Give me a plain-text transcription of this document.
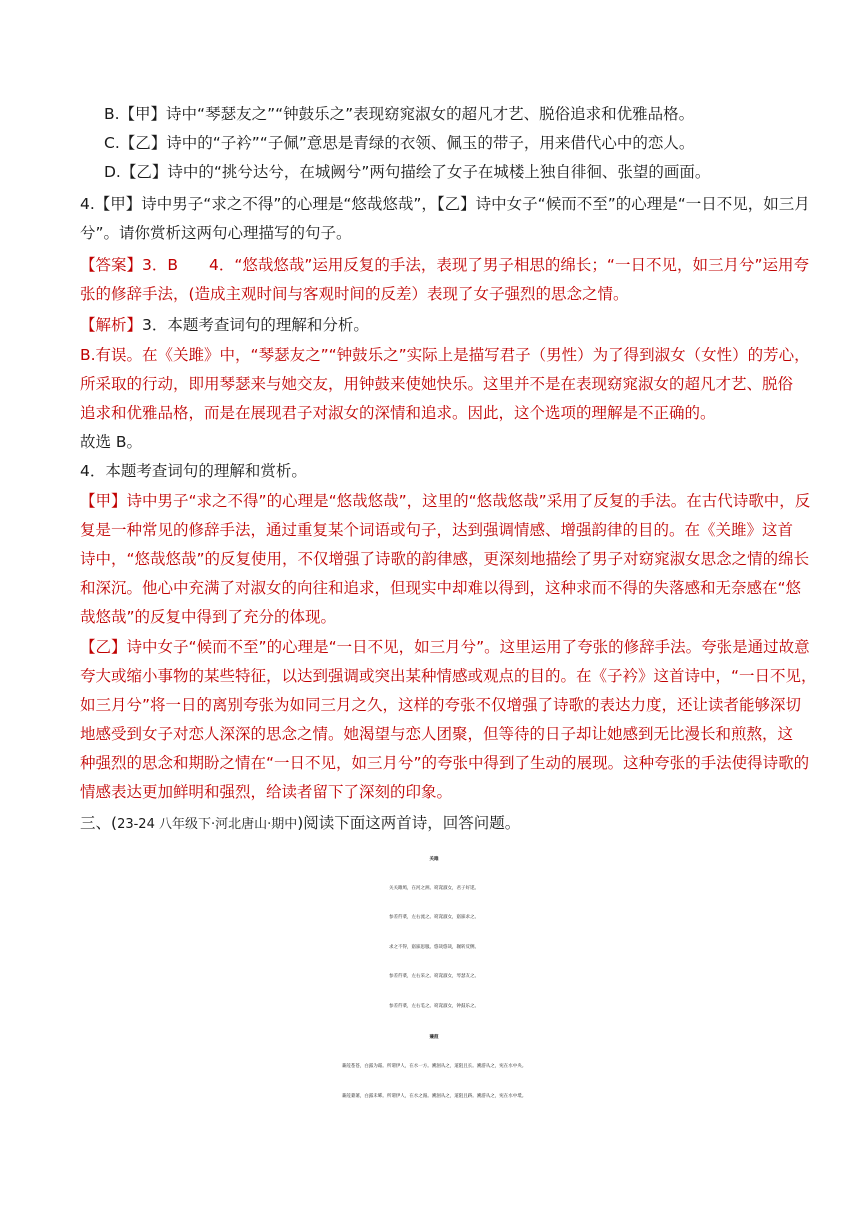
B.【甲】诗中“琴瑟友之”“钟鼓乐之”表现窈窕淑女的超凡才艺、脱俗追求和优雅品格。
C.【乙】诗中的“子衿”“子佩”意思是青绿的衣领、佩玉的带子，用来借代心中的恋人。
D.【乙】诗中的“挑兮达兮，在城阙兮”两句描绘了女子在城楼上独自徘徊、张望的画面。
4.【甲】诗中男子“求之不得”的心理是“悠哉悠哉”，【乙】诗中女子“候而不至”的心理是“一日不见，如三月
兮”。请你赏析这两句心理描写的句子。
【答案】3．B　　4．“悠哉悠哉”运用反复的手法，表现了男子相思的绵长；“一日不见，如三月兮”运用夸
张的修辞手法，(造成主观时间与客观时间的反差）表现了女子强烈的思念之情。
【解析】3．本题考查词句的理解和分析。
B.有误。在《关雎》中，“琴瑟友之”“钟鼓乐之”实际上是描写君子（男性）为了得到淑女（女性）的芳心，
所采取的行动，即用琴瑟来与她交友，用钟鼓来使她快乐。这里并不是在表现窈窕淑女的超凡才艺、脱俗
追求和优雅品格，而是在展现君子对淑女的深情和追求。因此，这个选项的理解是不正确的。
故选 B。
4．本题考查词句的理解和赏析。
【甲】诗中男子“求之不得”的心理是“悠哉悠哉”，这里的“悠哉悠哉”采用了反复的手法。在古代诗歌中，反
复是一种常见的修辞手法，通过重复某个词语或句子，达到强调情感、增强韵律的目的。在《关雎》这首
诗中，“悠哉悠哉”的反复使用，不仅增强了诗歌的韵律感，更深刻地描绘了男子对窈窕淑女思念之情的绵长
和深沉。他心中充满了对淑女的向往和追求，但现实中却难以得到，这种求而不得的失落感和无奈感在“悠
哉悠哉”的反复中得到了充分的体现。
【乙】诗中女子“候而不至”的心理是“一日不见，如三月兮”。这里运用了夸张的修辞手法。夸张是通过故意
夸大或缩小事物的某些特征，以达到强调或突出某种情感或观点的目的。在《子衿》这首诗中，“一日不见，
如三月兮”将一日的离别夸张为如同三月之久，这样的夸张不仅增强了诗歌的表达力度，还让读者能够深切
地感受到女子对恋人深深的思念之情。她渴望与恋人团聚，但等待的日子却让她感到无比漫长和煎熬，这
种强烈的思念和期盼之情在“一日不见，如三月兮”的夸张中得到了生动的展现。这种夸张的手法使得诗歌的
情感表达更加鲜明和强烈，给读者留下了深刻的印象。
三、(23-24 八年级下·河北唐山·期中)阅读下面这两首诗，回答问题。
关雎
关关雎鸠，在河之洲。窈窕淑女，君子好逑。
参差荇菜，左右流之。窈窕淑女，寤寐求之。
求之不得，寤寐思服。悠哉悠哉，辗转反侧。
参差荇菜，左右采之。窈窕淑女，琴瑟友之。
参差荇菜，左右芼之。窈窕淑女，钟鼓乐之。
蒹葭
蒹葭苍苍，白露为霜。所谓伊人，在水一方。溯洄从之，道阻且长。溯游从之，宛在水中央。
蒹葭萋萋，白露未晞。所谓伊人，在水之湄。溯洄从之，道阻且跻。溯游从之，宛在水中坻。
